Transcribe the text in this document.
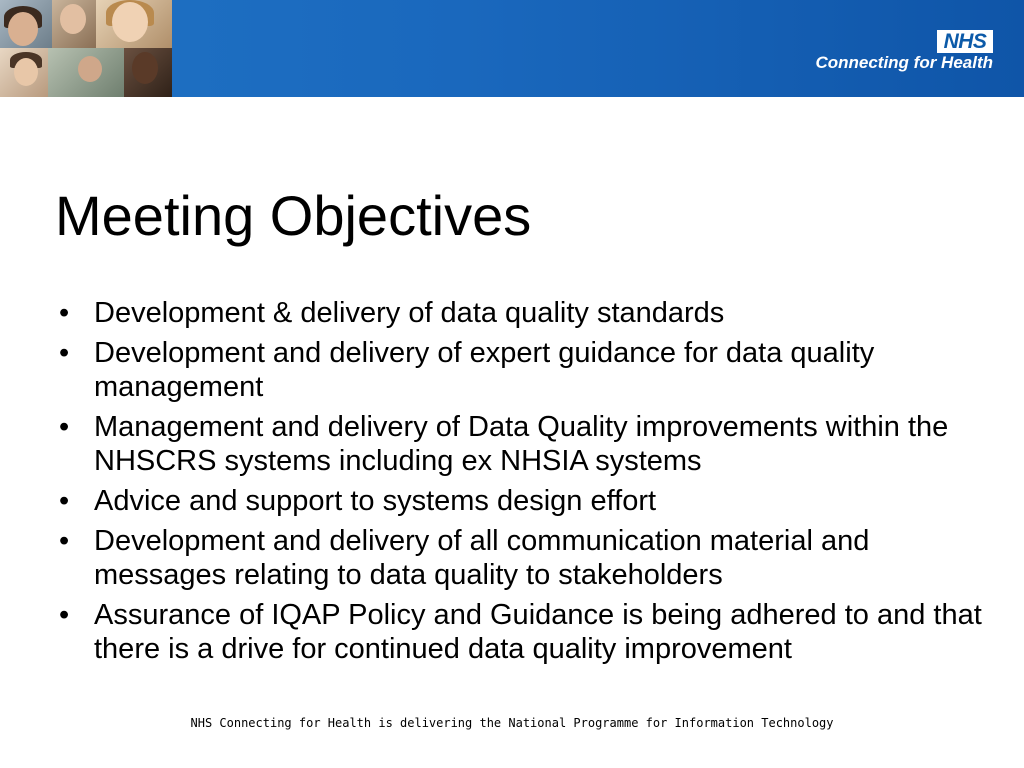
NHS
Connecting for Health
Meeting Objectives
• Development & delivery of data quality standards
• Development and delivery of expert guidance for data quality management
• Management and delivery of Data Quality improvements within the NHSCRS systems including ex NHSIA systems
• Advice and support to systems design effort
• Development and delivery of all communication material and messages relating to data quality to stakeholders
• Assurance of IQAP Policy and Guidance is being adhered to and that there is a drive for continued data quality improvement
NHS Connecting for Health is delivering the National Programme for Information Technology
